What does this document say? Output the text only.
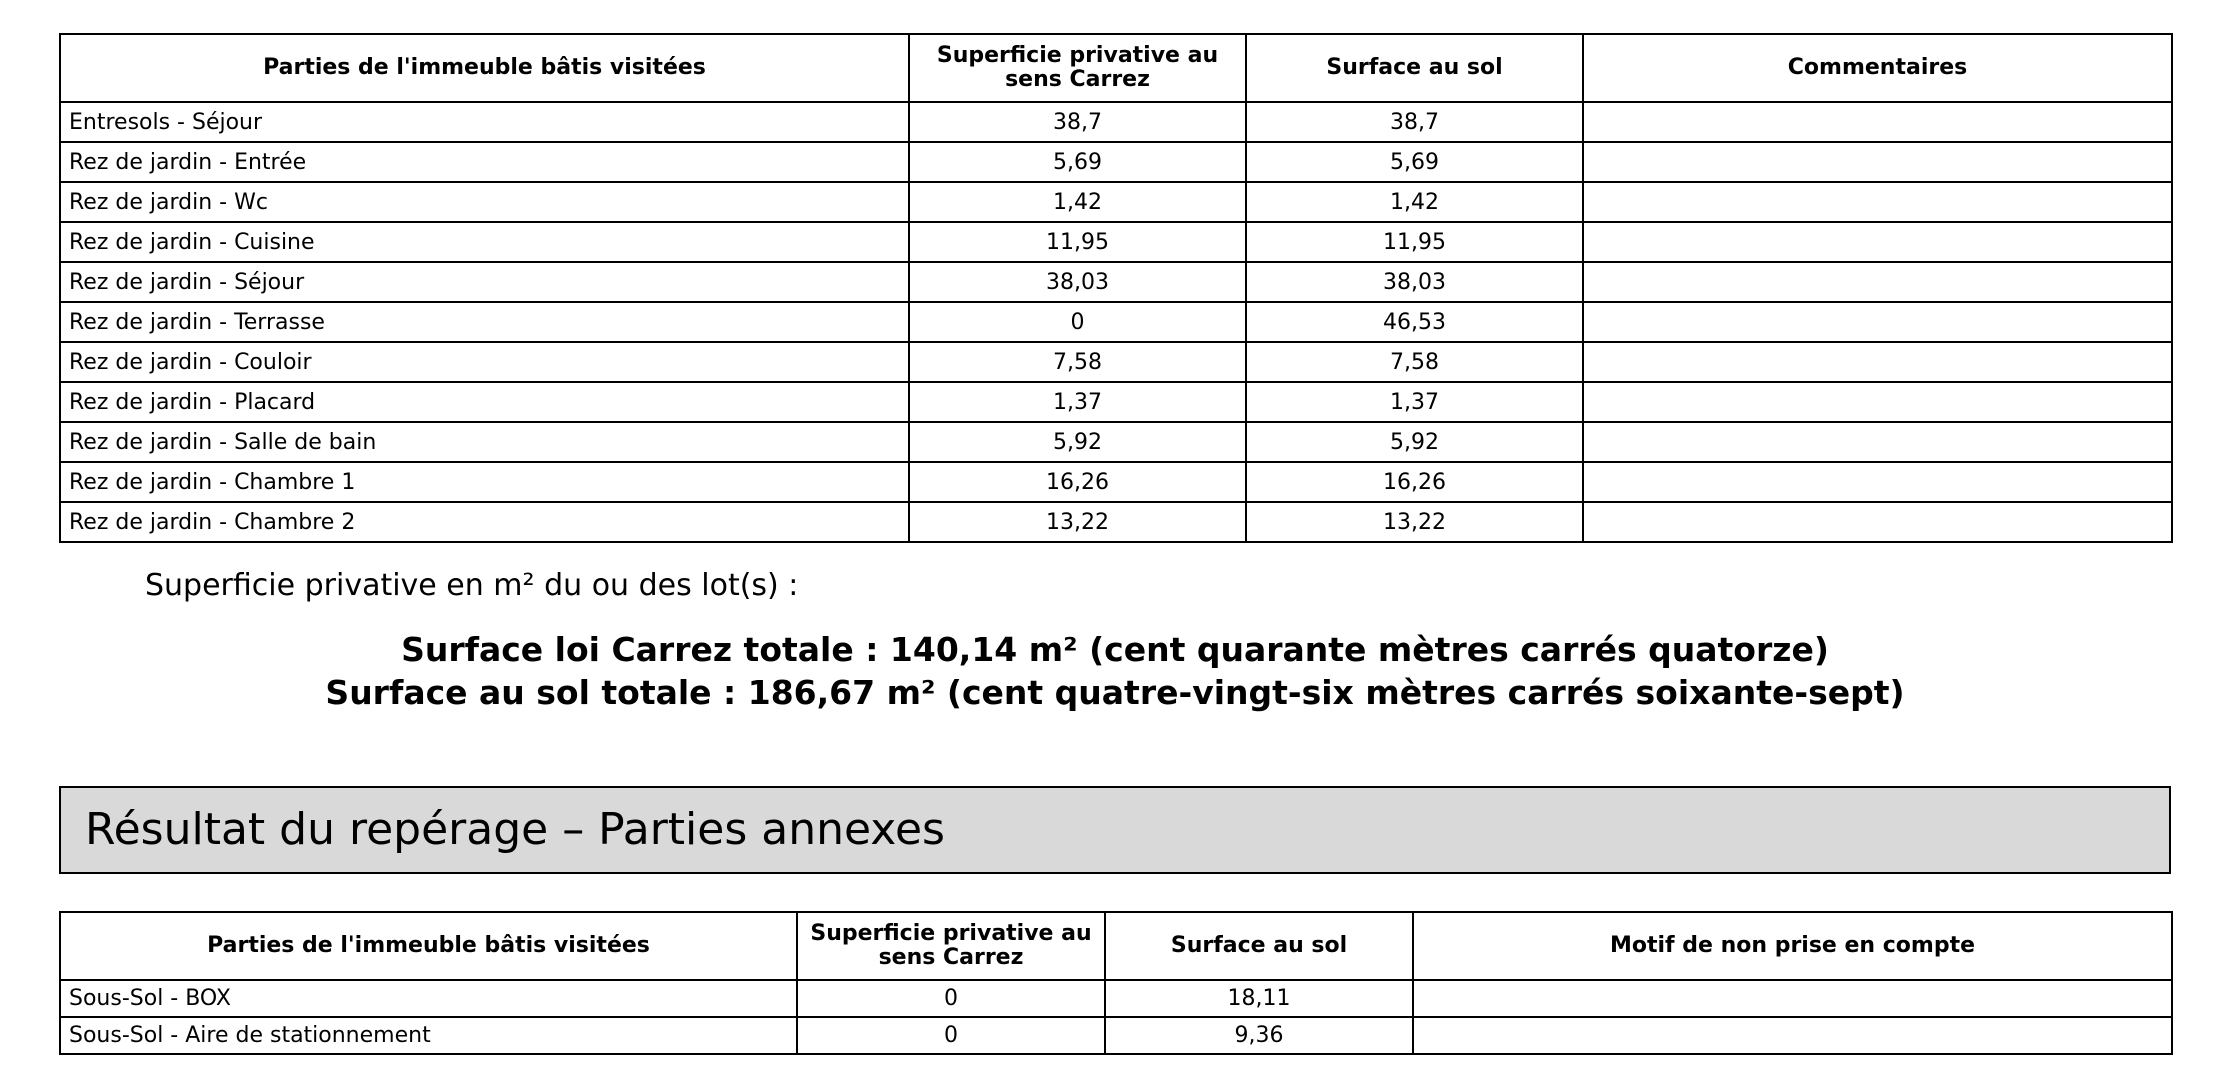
Parties de l'immeuble bâtis visitées	Superficie privative au sens Carrez	Surface au sol	Commentaires
Entresols - Séjour	38,7	38,7	
Rez de jardin - Entrée	5,69	5,69	
Rez de jardin - Wc	1,42	1,42	
Rez de jardin - Cuisine	11,95	11,95	
Rez de jardin - Séjour	38,03	38,03	
Rez de jardin - Terrasse	0	46,53	
Rez de jardin - Couloir	7,58	7,58	
Rez de jardin - Placard	1,37	1,37	
Rez de jardin - Salle de bain	5,92	5,92	
Rez de jardin - Chambre 1	16,26	16,26	
Rez de jardin - Chambre 2	13,22	13,22	
Superficie privative en m² du ou des lot(s) :
Surface loi Carrez totale : 140,14 m² (cent quarante mètres carrés quatorze)
Surface au sol totale : 186,67 m² (cent quatre-vingt-six mètres carrés soixante-sept)
Résultat du repérage – Parties annexes
Parties de l'immeuble bâtis visitées	Superficie privative au sens Carrez	Surface au sol	Motif de non prise en compte
Sous-Sol - BOX	0	18,11	
Sous-Sol - Aire de stationnement	0	9,36	
